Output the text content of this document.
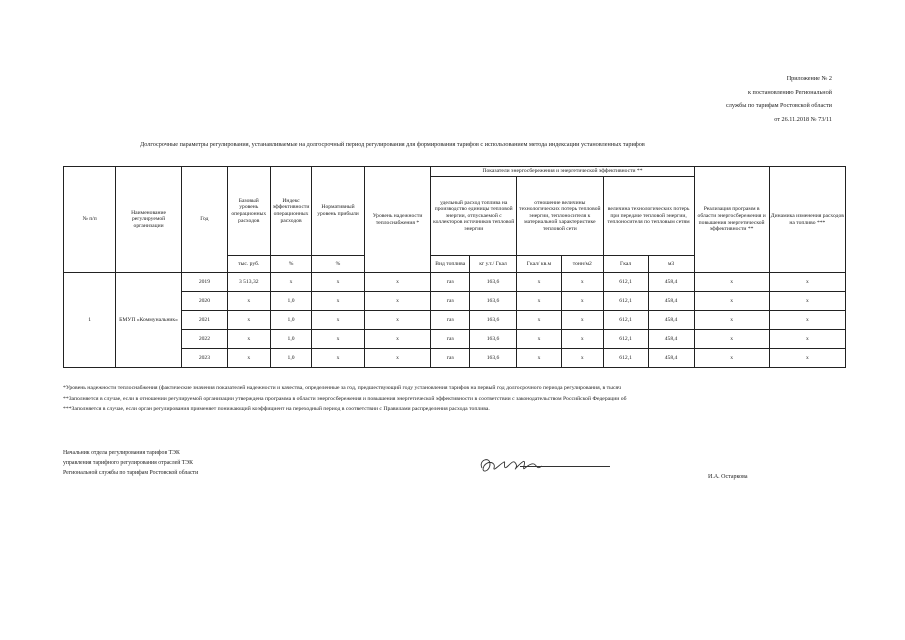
Приложение № 2
к постановлению Региональной
службы по тарифам Ростовской области
от 26.11.2018 № 73/11
Долгосрочные параметры регулирования, устанавливаемые на долгосрочный период регулирования для формирования тарифов с использованием метода индексации установленных тарифов
№ п/п	Наименование регулируемой организации	Год	Базовый уровень операционных расходов	Индекс эффективности операционных расходов	Нормативный уровень прибыли	Уровень надежности теплоснабжения *	Показатели энергосбережения и энергетической эффективности **						Реализация программ в области энергосбережения и повышения энергетической эффективности **	Динамика изменения расходов на топливо ***
							удельный расход топлива на производство единицы тепловой энергии, отпускаемой с коллекторов источников тепловой энергии		отношение величины технологических потерь тепловой энергии, теплоносителя к материальной характеристике тепловой сети		величина технологических потерь при передаче тепловой энергии, теплоносителя по тепловым сетям			
			тыс. руб.	%	%		Вид топлива	кг у.т./ Гкал	Гкал/ кв.м	тонн/м2	Гкал	м3		
1	БМУП «Коммунальник»	2019	3 513,32	x	x	x	газ	163,6	x	x	612,1	458,4	x	x
		2020	x	1,0	x	x	газ	163,6	x	x	612,1	458,4	x	x
		2021	x	1,0	x	x	газ	163,6	x	x	612,1	458,4	x	x
		2022	x	1,0	x	x	газ	163,6	x	x	612,1	458,4	x	x
		2023	x	1,0	x	x	газ	163,6	x	x	612,1	458,4	x	x
*Уровень надежности теплоснабжения (фактические значения показателей надежности и качества, определенные за год, предшествующий году установления тарифов на первый год долгосрочного периода регулирования, в тысяч
**Заполняется в случае, если в отношении регулируемой организации утверждена программа в области энергосбережения и повышения энергетической эффективности в соответствии с законодательством Российской Федерации об
***Заполняется в случае, если орган регулирования применяет понижающий коэффициент на переходный период в соответствии с Правилами распределения расхода топлива.
Начальник отдела регулирования тарифов ТЭК
управления тарифного регулирования отраслей ТЭК
Региональной службы по тарифам Ростовской области
И.А. Остаркова
